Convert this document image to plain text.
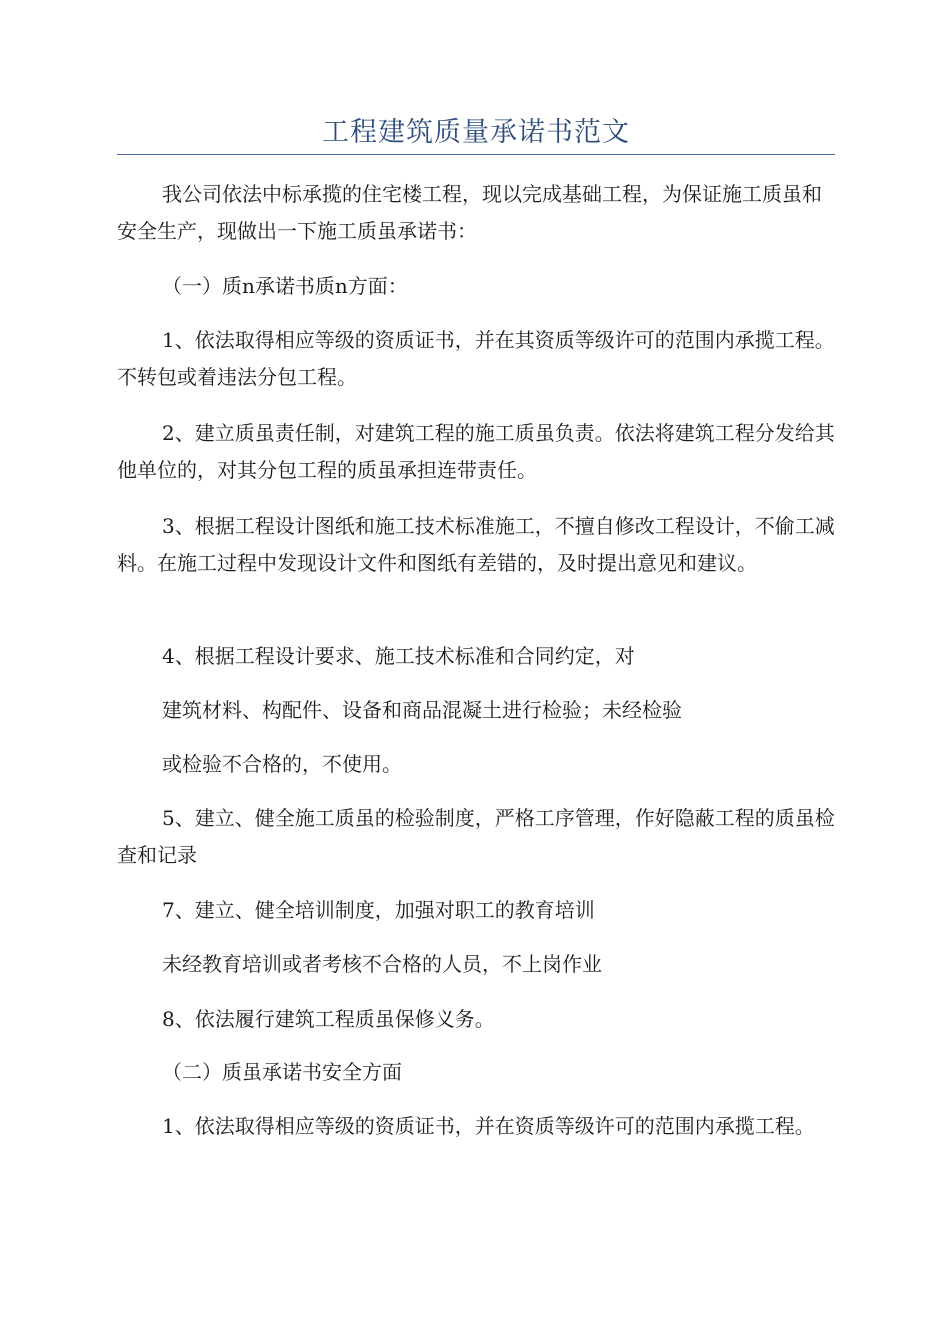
工程建筑质量承诺书范文

我公司依法中标承揽的住宅楼工程，现以完成基础工程，为保证施工质虽和安全生产，现做出一下施工质虽承诺书：

（一）质n承诺书质n方面：

1、依法取得相应等级的资质证书，并在其资质等级许可的范围内承揽工程。不转包或着违法分包工程。

2、建立质虽责任制，对建筑工程的施工质虽负责。依法将建筑工程分发给其他单位的，对其分包工程的质虽承担连带责任。

3、根据工程设计图纸和施工技术标准施工，不擅自修改工程设计，不偷工减料。在施工过程中发现设计文件和图纸有差错的，及时提出意见和建议。

4、根据工程设计要求、施工技术标准和合同约定，对

建筑材料、构配件、设备和商品混凝土进行检验；未经检验

或检验不合格的，不使用。

5、建立、健全施工质虽的检验制度，严格工序管理，作好隐蔽工程的质虽检查和记录

7、建立、健全培训制度，加强对职工的教育培训

未经教育培训或者考核不合格的人员，不上岗作业

8、依法履行建筑工程质虽保修义务。

（二）质虽承诺书安全方面

1、依法取得相应等级的资质证书，并在资质等级许可的范围内承揽工程。
